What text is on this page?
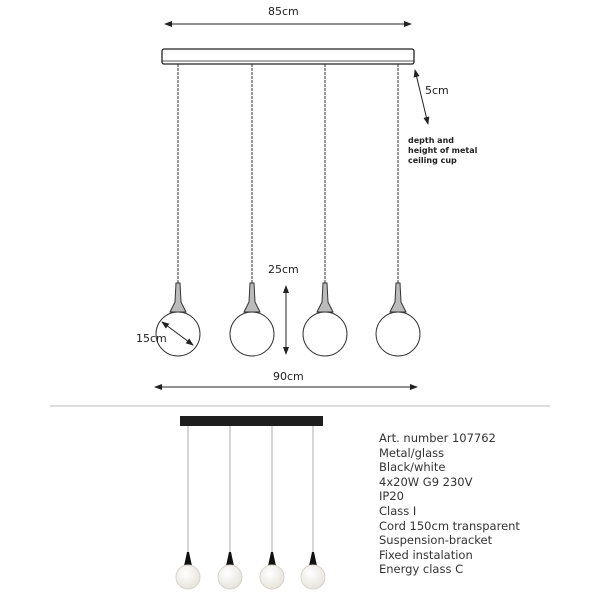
85cm
5cm
depth and
height of metal
ceiling cup
25cm
15cm
90cm
Art. number 107762
Metal/glass
Black/white
4x20W G9 230V
IP20
Class I
Cord 150cm transparent
Suspension-bracket
Fixed instalation
Energy class C
